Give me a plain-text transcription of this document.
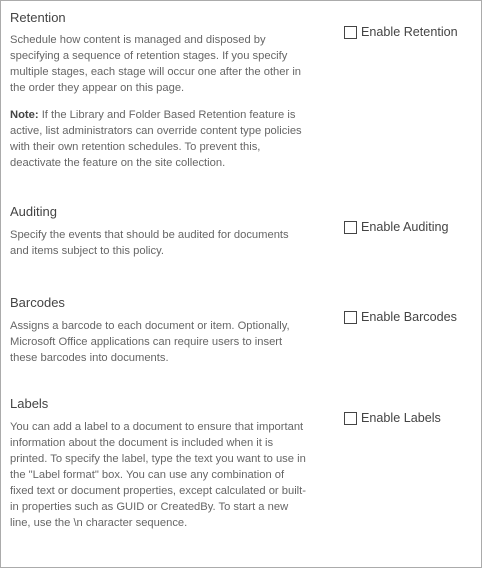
Retention
Schedule how content is managed and disposed by specifying a sequence of retention stages. If you specify multiple stages, each stage will occur one after the other in the order they appear on this page.
Note: If the Library and Folder Based Retention feature is active, list administrators can override content type policies with their own retention schedules. To prevent this, deactivate the feature on the site collection.
Enable Retention
Auditing
Specify the events that should be audited for documents and items subject to this policy.
Enable Auditing
Barcodes
Assigns a barcode to each document or item. Optionally, Microsoft Office applications can require users to insert these barcodes into documents.
Enable Barcodes
Labels
You can add a label to a document to ensure that important information about the document is included when it is printed. To specify the label, type the text you want to use in the "Label format" box. You can use any combination of fixed text or document properties, except calculated or built-in properties such as GUID or CreatedBy. To start a new line, use the \n character sequence.
Enable Labels
